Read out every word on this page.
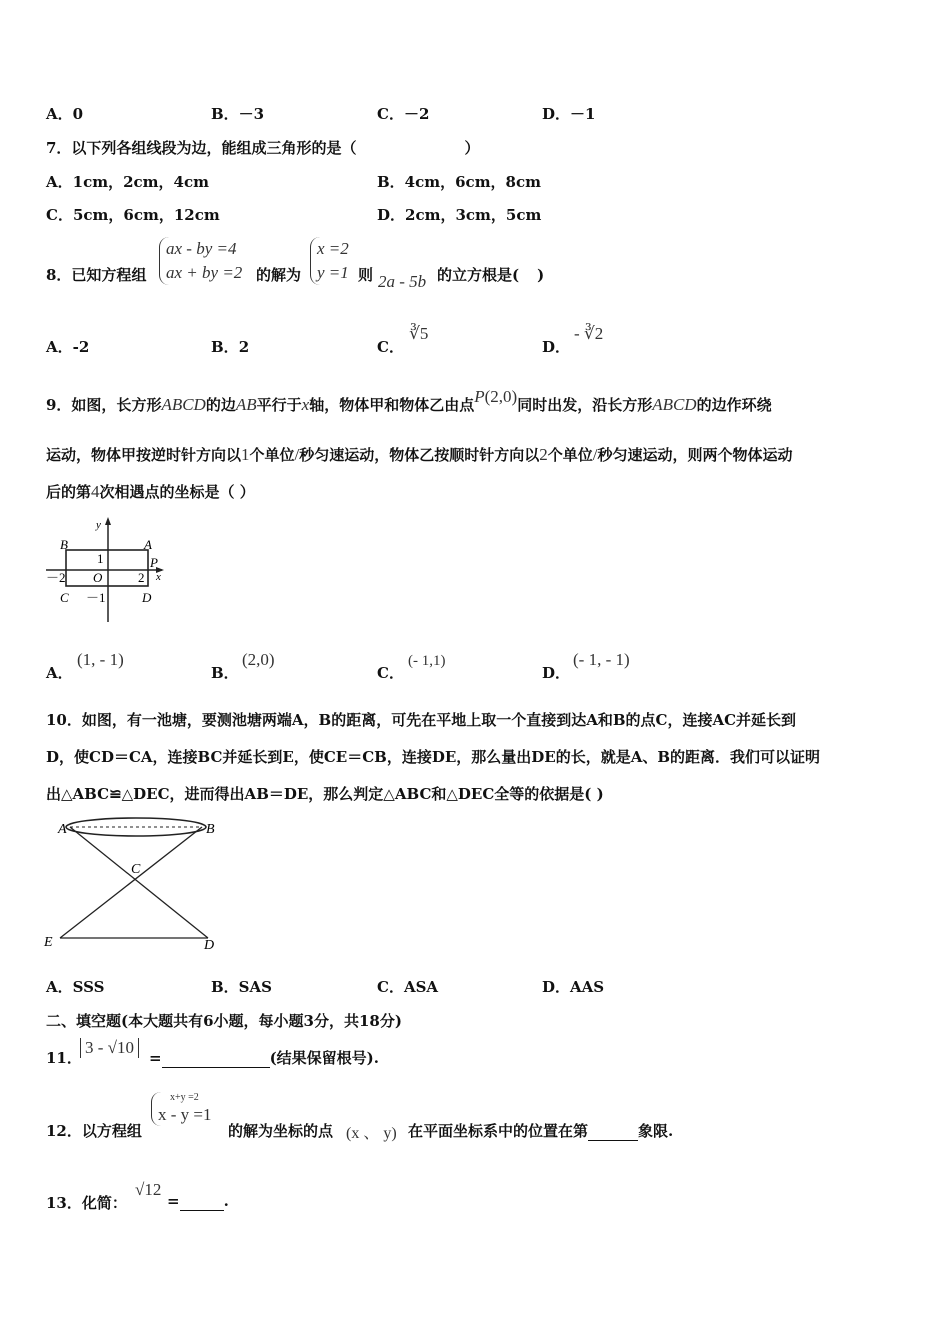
A．0	B．－3	C．－2	D．－1
7．以下列各组线段为边，能组成三角形的是（	）
A．1cm，2cm，4cm	B．4cm，6cm，8cm
C．5cm，6cm，12cm	D．2cm，3cm，5cm
8．已知方程组
ax - by =4
ax + by =2 的解为
x =2
y =1 则 2a - 5b 的立方根是( )
A．-2	B．2	C．
∛5
D．
- ∛2
9．如图，长方形ABCD的边AB平行于x轴，物体甲和物体乙由点P(2,0)同时出发，沿长方形ABCD的边作环绕
运动，物体甲按逆时针方向以1个单位/秒匀速运动，物体乙按顺时针方向以2个单位/秒匀速运动，则两个物体运动
后的第4次相遇点的坐标是（ ）
B	A
1	P
－2 O	2 x
y
C －1	D
A．
(1, - 1)
B．
(2,0)
C．
(- 1,1)
D．
(- 1, - 1)
10．如图，有一池塘，要测池塘两端A，B的距离，可先在平地上取一个直接到达A和B的点C，连接AC并延长到
D，使CD＝CA，连接BC并延长到E，使CE＝CB，连接DE，那么量出DE的长，就是A、B的距离．我们可以证明
出△ABC≌△DEC，进而得出AB＝DE，那么判定△ABC和△DEC全等的依据是( )
A	B
C
E	D
A．SSS	B．SAS	C．ASA	D．AAS
二、填空题(本大题共有6小题，每小题3分，共18分)
11．
3 - √10
=	(结果保留根号).
12．以方程组
x+y =2
x - y =1
的解为坐标的点 (x 、 y) 在平面坐标系中的位置在第	象限.
13．化简：
√12
=	.
